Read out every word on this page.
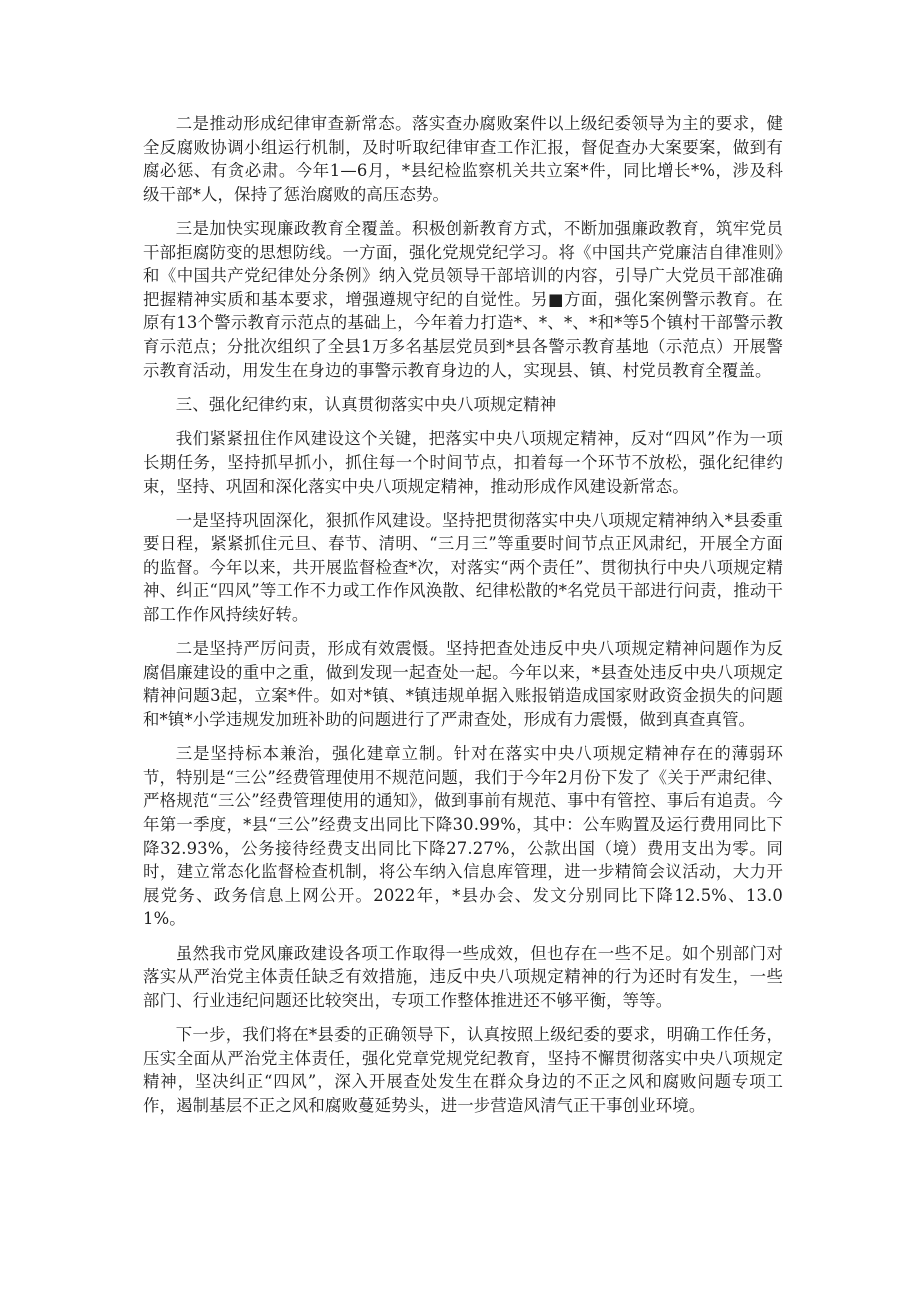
二是推动形成纪律审查新常态。落实查办腐败案件以上级纪委领导为主的要求，健全反腐败协调小组运行机制，及时听取纪律审查工作汇报，督促查办大案要案，做到有腐必惩、有贪必肃。今年1—6月，*县纪检监察机关共立案*件，同比增长*%，涉及科级干部*人，保持了惩治腐败的高压态势。

三是加快实现廉政教育全覆盖。积极创新教育方式，不断加强廉政教育，筑牢党员干部拒腐防变的思想防线。一方面，强化党规党纪学习。将《中国共产党廉洁自律准则》和《中国共产党纪律处分条例》纳入党员领导干部培训的内容，引导广大党员干部准确把握精神实质和基本要求，增强遵规守纪的自觉性。另■方面，强化案例警示教育。在原有13个警示教育示范点的基础上，今年着力打造*、*、*、*和*等5个镇村干部警示教育示范点；分批次组织了全县1万多名基层党员到*县各警示教育基地（示范点）开展警示教育活动，用发生在身边的事警示教育身边的人，实现县、镇、村党员教育全覆盖。

三、强化纪律约束，认真贯彻落实中央八项规定精神

我们紧紧扭住作风建设这个关键，把落实中央八项规定精神，反对“四风”作为一项长期任务，坚持抓早抓小，抓住每一个时间节点，扣着每一个环节不放松，强化纪律约束，坚持、巩固和深化落实中央八项规定精神，推动形成作风建设新常态。

一是坚持巩固深化，狠抓作风建设。坚持把贯彻落实中央八项规定精神纳入*县委重要日程，紧紧抓住元旦、春节、清明、“三月三”等重要时间节点正风肃纪，开展全方面的监督。今年以来，共开展监督检查*次，对落实“两个责任”、贯彻执行中央八项规定精神、纠正“四风”等工作不力或工作作风涣散、纪律松散的*名党员干部进行问责，推动干部工作作风持续好转。

二是坚持严厉问责，形成有效震慑。坚持把查处违反中央八项规定精神问题作为反腐倡廉建设的重中之重，做到发现一起查处一起。今年以来，*县查处违反中央八项规定精神问题3起，立案*件。如对*镇、*镇违规单据入账报销造成国家财政资金损失的问题和*镇*小学违规发加班补助的问题进行了严肃查处，形成有力震慑，做到真查真管。

三是坚持标本兼治，强化建章立制。针对在落实中央八项规定精神存在的薄弱环节，特别是“三公”经费管理使用不规范问题，我们于今年2月份下发了《关于严肃纪律、严格规范“三公”经费管理使用的通知》，做到事前有规范、事中有管控、事后有追责。今年第一季度，*县“三公”经费支出同比下降30.99%，其中：公车购置及运行费用同比下降32.93%，公务接待经费支出同比下降27.27%，公款出国（境）费用支出为零。同时，建立常态化监督检查机制，将公车纳入信息库管理，进一步精简会议活动，大力开展党务、政务信息上网公开。2022年，*县办会、发文分别同比下降12.5%、13.01%。

虽然我市党风廉政建设各项工作取得一些成效，但也存在一些不足。如个别部门对落实从严治党主体责任缺乏有效措施，违反中央八项规定精神的行为还时有发生，一些部门、行业违纪问题还比较突出，专项工作整体推进还不够平衡，等等。

下一步，我们将在*县委的正确领导下，认真按照上级纪委的要求，明确工作任务，压实全面从严治党主体责任，强化党章党规党纪教育，坚持不懈贯彻落实中央八项规定精神，坚决纠正“四风”，深入开展查处发生在群众身边的不正之风和腐败问题专项工作，遏制基层不正之风和腐败蔓延势头，进一步营造风清气正干事创业环境。
